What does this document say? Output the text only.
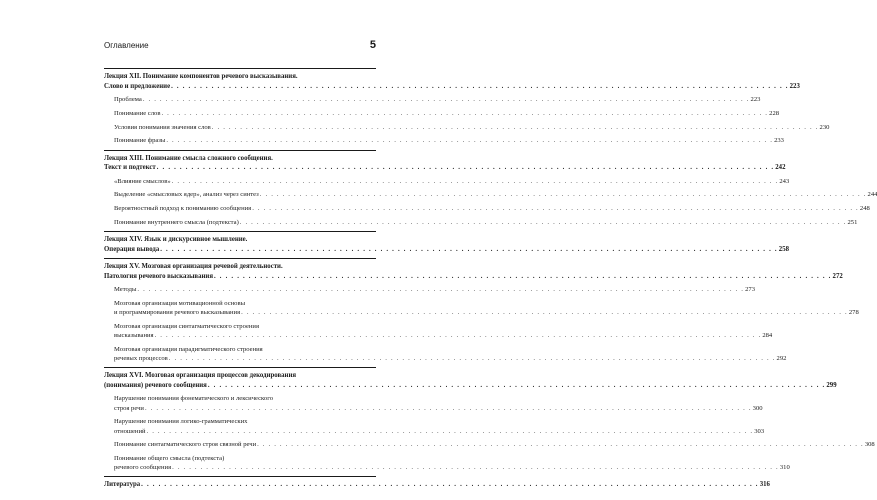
Оглавление	5
Лекция XII. Понимание компонентов речевого высказывания.
Слово и предложение . . . . . . . . . . . . . . . . . . . . . . . . . . . . . . . . . . . . . . . . . . . . . . . . . . . . . . . . . . . . . . . . . . . . . . . . . . . . . . . . . . . . . . . . . . . . . . . . . . . . . . . . . . . 223
Проблема . . . . . . . . . . . . . . . . . . . . . . . . . . . . . . . . . . . . . . . . . . . . . . . . . . . . . . . . . . . . . . . . . . . . . . . . . . . . . . . . . . . . . . . . . . . . . . . . . . . . . . . . . . . 223
Понимание слов . . . . . . . . . . . . . . . . . . . . . . . . . . . . . . . . . . . . . . . . . . . . . . . . . . . . . . . . . . . . . . . . . . . . . . . . . . . . . . . . . . . . . . . . . . . . . . . . . . . . . . . . . . . 228
Условия понимания значения слов . . . . . . . . . . . . . . . . . . . . . . . . . . . . . . . . . . . . . . . . . . . . . . . . . . . . . . . . . . . . . . . . . . . . . . . . . . . . . . . . . . . . . . . . . . . . . . . . . . . . . . . . . . . 230
Понимание фразы . . . . . . . . . . . . . . . . . . . . . . . . . . . . . . . . . . . . . . . . . . . . . . . . . . . . . . . . . . . . . . . . . . . . . . . . . . . . . . . . . . . . . . . . . . . . . . . . . . . . . . . . . . . 233
Лекция XIII. Понимание смысла сложного сообщения.
Текст и подтекст . . . . . . . . . . . . . . . . . . . . . . . . . . . . . . . . . . . . . . . . . . . . . . . . . . . . . . . . . . . . . . . . . . . . . . . . . . . . . . . . . . . . . . . . . . . . . . . . . . . . . . . . . . . 242
«Влияние смыслов» . . . . . . . . . . . . . . . . . . . . . . . . . . . . . . . . . . . . . . . . . . . . . . . . . . . . . . . . . . . . . . . . . . . . . . . . . . . . . . . . . . . . . . . . . . . . . . . . . . . . . . . . . . . 243
Выделение «смысловых ядер», анализ через синтез . . . . . . . . . . . . . . . . . . . . . . . . . . . . . . . . . . . . . . . . . . . . . . . . . . . . . . . . . . . . . . . . . . . . . . . . . . . . . . . . . . . . . . . . . . . . . . . . . . . . . . . . . . . 244
Вероятностный подход к пониманию сообщения . . . . . . . . . . . . . . . . . . . . . . . . . . . . . . . . . . . . . . . . . . . . . . . . . . . . . . . . . . . . . . . . . . . . . . . . . . . . . . . . . . . . . . . . . . . . . . . . . . . . . . . . . . . 248
Понимание внутреннего смысла (подтекста) . . . . . . . . . . . . . . . . . . . . . . . . . . . . . . . . . . . . . . . . . . . . . . . . . . . . . . . . . . . . . . . . . . . . . . . . . . . . . . . . . . . . . . . . . . . . . . . . . . . . . . . . . . . 251
Лекция XIV. Язык и дискурсивное мышление.
Операция вывода . . . . . . . . . . . . . . . . . . . . . . . . . . . . . . . . . . . . . . . . . . . . . . . . . . . . . . . . . . . . . . . . . . . . . . . . . . . . . . . . . . . . . . . . . . . . . . . . . . . . . . . . . . . 258
Лекция XV. Мозговая организация речевой деятельности.
Патология речевого высказывания . . . . . . . . . . . . . . . . . . . . . . . . . . . . . . . . . . . . . . . . . . . . . . . . . . . . . . . . . . . . . . . . . . . . . . . . . . . . . . . . . . . . . . . . . . . . . . . . . . . . . . . . . . . 272
Методы . . . . . . . . . . . . . . . . . . . . . . . . . . . . . . . . . . . . . . . . . . . . . . . . . . . . . . . . . . . . . . . . . . . . . . . . . . . . . . . . . . . . . . . . . . . . . . . . . . . . . . . . . . . 273
Мозговая организация мотивационной основы
и программирования речевого высказывания . . . . . . . . . . . . . . . . . . . . . . . . . . . . . . . . . . . . . . . . . . . . . . . . . . . . . . . . . . . . . . . . . . . . . . . . . . . . . . . . . . . . . . . . . . . . . . . . . . . . . . . . . . . 278
Мозговая организация синтагматического строения
высказывания . . . . . . . . . . . . . . . . . . . . . . . . . . . . . . . . . . . . . . . . . . . . . . . . . . . . . . . . . . . . . . . . . . . . . . . . . . . . . . . . . . . . . . . . . . . . . . . . . . . . . . . . . . . 284
Мозговая организация парадигматического строения
речевых процессов . . . . . . . . . . . . . . . . . . . . . . . . . . . . . . . . . . . . . . . . . . . . . . . . . . . . . . . . . . . . . . . . . . . . . . . . . . . . . . . . . . . . . . . . . . . . . . . . . . . . . . . . . . . 292
Лекция XVI. Мозговая организация процессов декодирования
(понимания) речевого сообщения . . . . . . . . . . . . . . . . . . . . . . . . . . . . . . . . . . . . . . . . . . . . . . . . . . . . . . . . . . . . . . . . . . . . . . . . . . . . . . . . . . . . . . . . . . . . . . . . . . . . . . . . . . . 299
Нарушение понимания фонематического и лексического
строя речи . . . . . . . . . . . . . . . . . . . . . . . . . . . . . . . . . . . . . . . . . . . . . . . . . . . . . . . . . . . . . . . . . . . . . . . . . . . . . . . . . . . . . . . . . . . . . . . . . . . . . . . . . . . 300
Нарушение понимания логико-грамматических
отношений . . . . . . . . . . . . . . . . . . . . . . . . . . . . . . . . . . . . . . . . . . . . . . . . . . . . . . . . . . . . . . . . . . . . . . . . . . . . . . . . . . . . . . . . . . . . . . . . . . . . . . . . . . . 303
Понимание синтагматического строя связной речи . . . . . . . . . . . . . . . . . . . . . . . . . . . . . . . . . . . . . . . . . . . . . . . . . . . . . . . . . . . . . . . . . . . . . . . . . . . . . . . . . . . . . . . . . . . . . . . . . . . . . . . . . . . 308
Понимание общего смысла (подтекста)
речевого сообщения . . . . . . . . . . . . . . . . . . . . . . . . . . . . . . . . . . . . . . . . . . . . . . . . . . . . . . . . . . . . . . . . . . . . . . . . . . . . . . . . . . . . . . . . . . . . . . . . . . . . . . . . . . . 310
Литература . . . . . . . . . . . . . . . . . . . . . . . . . . . . . . . . . . . . . . . . . . . . . . . . . . . . . . . . . . . . . . . . . . . . . . . . . . . . . . . . . . . . . . . . . . . . . . . . . . . . . . . . . . . 316
